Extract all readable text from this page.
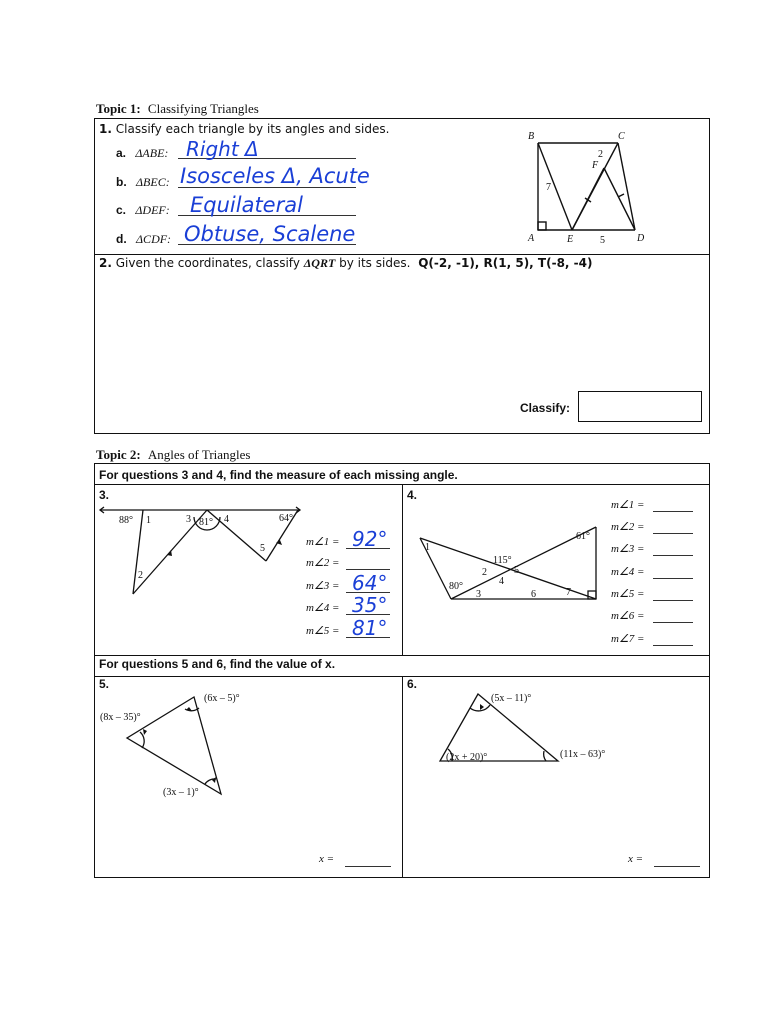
Topic 1: Classifying Triangles
1. Classify each triangle by its angles and sides.
a. ΔABE: Right Δ
b. ΔBEC: Isosceles Δ, Acute
c. ΔDEF: Equilateral
d. ΔCDF: Obtuse, Scalene
B	C
A	E	D
F
7
2
5
2. Given the coordinates, classify ΔQRT by its sides. Q(-2, -1), R(1, 5), T(-8, -4)
Classify:
Topic 2: Angles of Triangles
For questions 3 and 4, find the measure of each missing angle.
3.
88° 1	3 81° 4	64°
5
2
m∠1 = 92°
m∠2 =
m∠3 = 64°
m∠4 = 35°
m∠5 = 81°
4.
61°
1
115°
2	5
4
80°
3	6	7
m∠1 =
m∠2 =
m∠3 =
m∠4 =
m∠5 =
m∠6 =
m∠7 =
For questions 5 and 6, find the value of x.
5.
(6x – 5)°
(8x – 35)°
(3x – 1)°
x =
6.
(5x – 11)°
(2x + 20)°	(11x – 63)°
x =
